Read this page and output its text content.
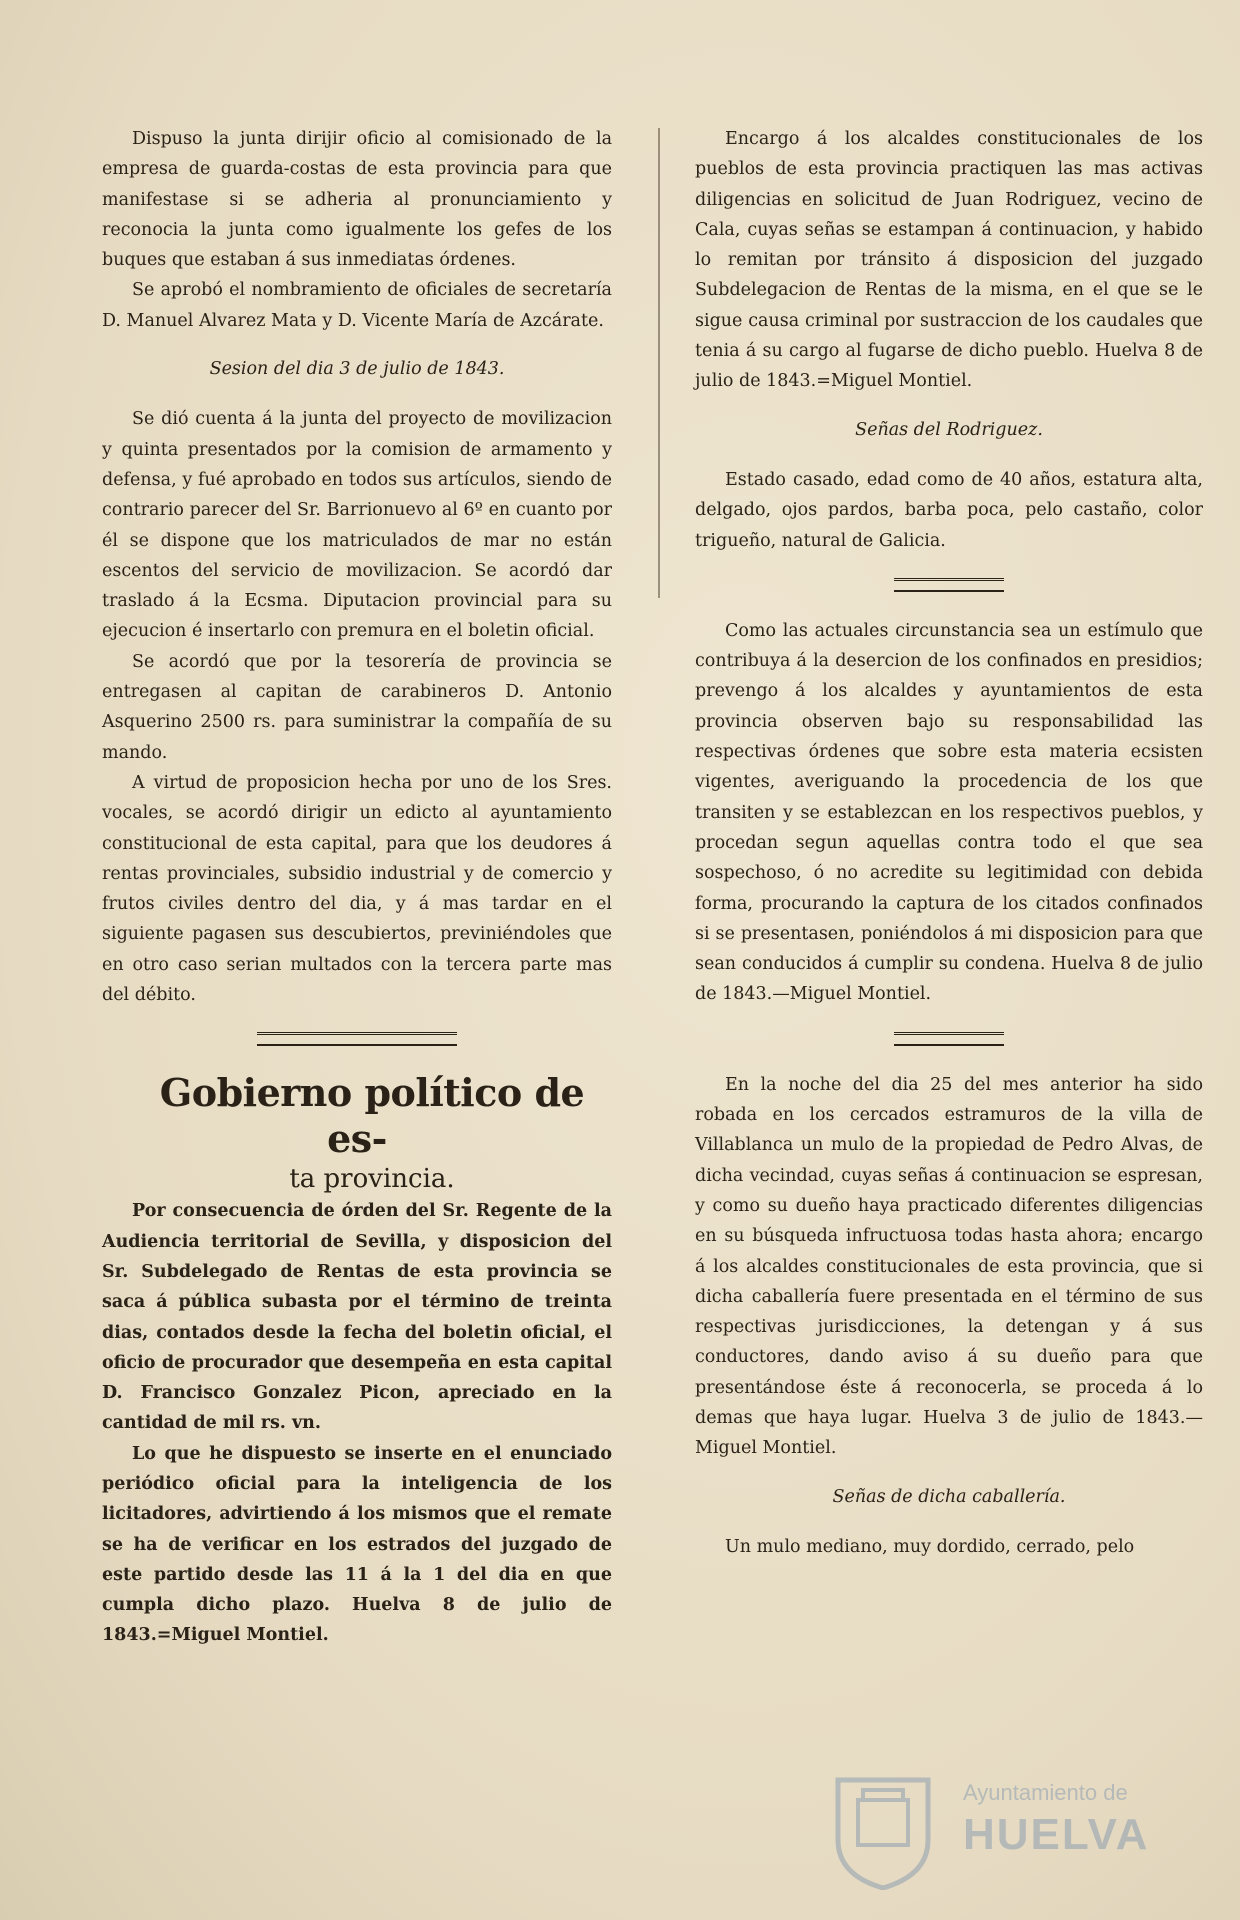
Dispuso la junta dirijir oficio al comisionado de la empresa de guarda-costas de esta provincia para que manifestase si se adheria al pronunciamiento y reconocia la junta como igualmente los gefes de los buques que estaban á sus inmediatas órdenes.

Se aprobó el nombramiento de oficiales de secretaría D. Manuel Alvarez Mata y D. Vicente María de Azcárate.

Sesion del dia 3 de julio de 1843.

Se dió cuenta á la junta del proyecto de movilizacion y quinta presentados por la comision de armamento y defensa, y fué aprobado en todos sus artículos, siendo de contrario parecer del Sr. Barrionuevo al 6º en cuanto por él se dispone que los matriculados de mar no están escentos del servicio de movilizacion. Se acordó dar traslado á la Ecsma. Diputacion provincial para su ejecucion é insertarlo con premura en el boletin oficial.

Se acordó que por la tesorería de provincia se entregasen al capitan de carabineros D. Antonio Asquerino 2500 rs. para suministrar la compañía de su mando.

A virtud de proposicion hecha por uno de los Sres. vocales, se acordó dirigir un edicto al ayuntamiento constitucional de esta capital, para que los deudores á rentas provinciales, subsidio industrial y de comercio y frutos civiles dentro del dia, y á mas tardar en el siguiente pagasen sus descubiertos, previniéndoles que en otro caso serian multados con la tercera parte mas del débito.

Gobierno político de es-

ta provincia.

Por consecuencia de órden del Sr. Regente de la Audiencia territorial de Sevilla, y disposicion del Sr. Subdelegado de Rentas de esta provincia se saca á pública subasta por el término de treinta dias, contados desde la fecha del boletin oficial, el oficio de procurador que desempeña en esta capital D. Francisco Gonzalez Picon, apreciado en la cantidad de mil rs. vn.

Lo que he dispuesto se inserte en el enunciado periódico oficial para la inteligencia de los licitadores, advirtiendo á los mismos que el remate se ha de verificar en los estrados del juzgado de este partido desde las 11 á la 1 del dia en que cumpla dicho plazo. Huelva 8 de julio de 1843.=Miguel Montiel.

Encargo á los alcaldes constitucionales de los pueblos de esta provincia practiquen las mas activas diligencias en solicitud de Juan Rodriguez, vecino de Cala, cuyas señas se estampan á continuacion, y habido lo remitan por tránsito á disposicion del juzgado Subdelegacion de Rentas de la misma, en el que se le sigue causa criminal por sustraccion de los caudales que tenia á su cargo al fugarse de dicho pueblo. Huelva 8 de julio de 1843.=Miguel Montiel.

Señas del Rodriguez.

Estado casado, edad como de 40 años, estatura alta, delgado, ojos pardos, barba poca, pelo castaño, color trigueño, natural de Galicia.

Como las actuales circunstancia sea un estímulo que contribuya á la desercion de los confinados en presidios; prevengo á los alcaldes y ayuntamientos de esta provincia observen bajo su responsabilidad las respectivas órdenes que sobre esta materia ecsisten vigentes, averiguando la procedencia de los que transiten y se establezcan en los respectivos pueblos, y procedan segun aquellas contra todo el que sea sospechoso, ó no acredite su legitimidad con debida forma, procurando la captura de los citados confinados si se presentasen, poniéndolos á mi disposicion para que sean conducidos á cumplir su condena. Huelva 8 de julio de 1843.—Miguel Montiel.

En la noche del dia 25 del mes anterior ha sido robada en los cercados estramuros de la villa de Villablanca un mulo de la propiedad de Pedro Alvas, de dicha vecindad, cuyas señas á continuacion se espresan, y como su dueño haya practicado diferentes diligencias en su búsqueda infructuosa todas hasta ahora; encargo á los alcaldes constitucionales de esta provincia, que si dicha caballería fuere presentada en el término de sus respectivas jurisdicciones, la detengan y á sus conductores, dando aviso á su dueño para que presentándose éste á reconocerla, se proceda á lo demas que haya lugar. Huelva 3 de julio de 1843.—Miguel Montiel.

Señas de dicha caballería.

Un mulo mediano, muy dordido, cerrado, pelo

Ayuntamiento de
HUELVA
